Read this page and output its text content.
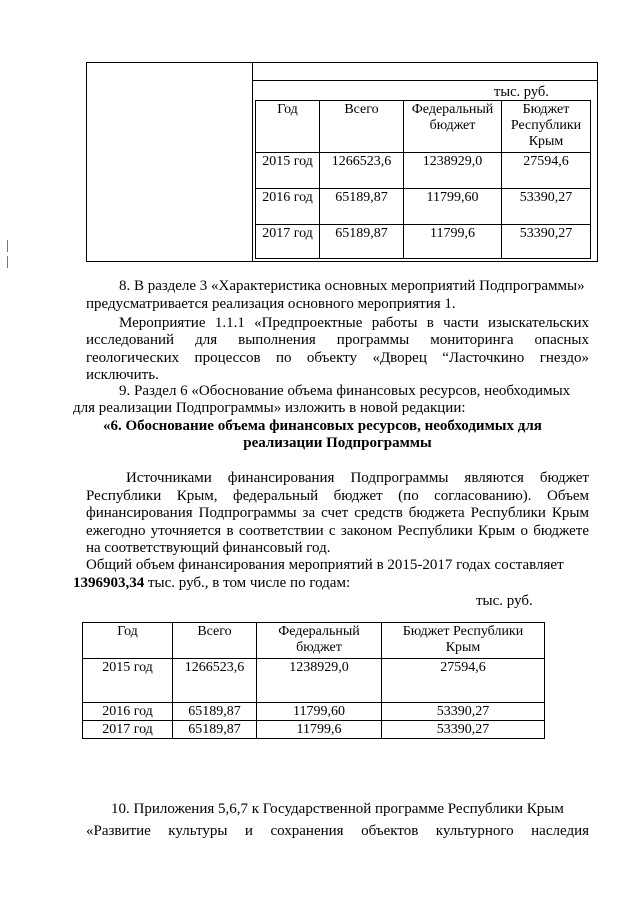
тыс. руб.
Год	Всего	Федеральный бюджет	Бюджет Республики Крым
2015 год	1266523,6	1238929,0	27594,6
2016 год	65189,87	11799,60	53390,27
2017 год	65189,87	11799,6	53390,27
8. В разделе 3 «Характеристика основных мероприятий Подпрограммы»
предусматривается реализация основного мероприятия 1.
Мероприятие 1.1.1 «Предпроектные работы в части изыскательских
исследований для выполнения программы мониторинга опасных
геологических процессов по объекту «Дворец “Ласточкино гнездо»
исключить.
9. Раздел 6 «Обоснование объема финансовых ресурсов, необходимых
для реализации Подпрограммы» изложить в новой редакции:
«6. Обоснование объема финансовых ресурсов, необходимых для
реализации Подпрограммы
Источниками финансирования Подпрограммы являются бюджет
Республики Крым, федеральный бюджет (по согласованию). Объем
финансирования Подпрограммы за счет средств бюджета Республики Крым
ежегодно уточняется в соответствии с законом Республики Крым о бюджете
на соответствующий финансовый год.
Общий объем финансирования мероприятий в 2015-2017 годах составляет
1396903,34 тыс. руб., в том числе по годам:
тыс. руб.
Год	Всего	Федеральный бюджет	Бюджет Республики Крым
2015 год	1266523,6	1238929,0	27594,6
2016 год	65189,87	11799,60	53390,27
2017 год	65189,87	11799,6	53390,27
10. Приложения 5,6,7 к Государственной программе Республики Крым
«Развитие культуры и сохранения объектов культурного наследия
